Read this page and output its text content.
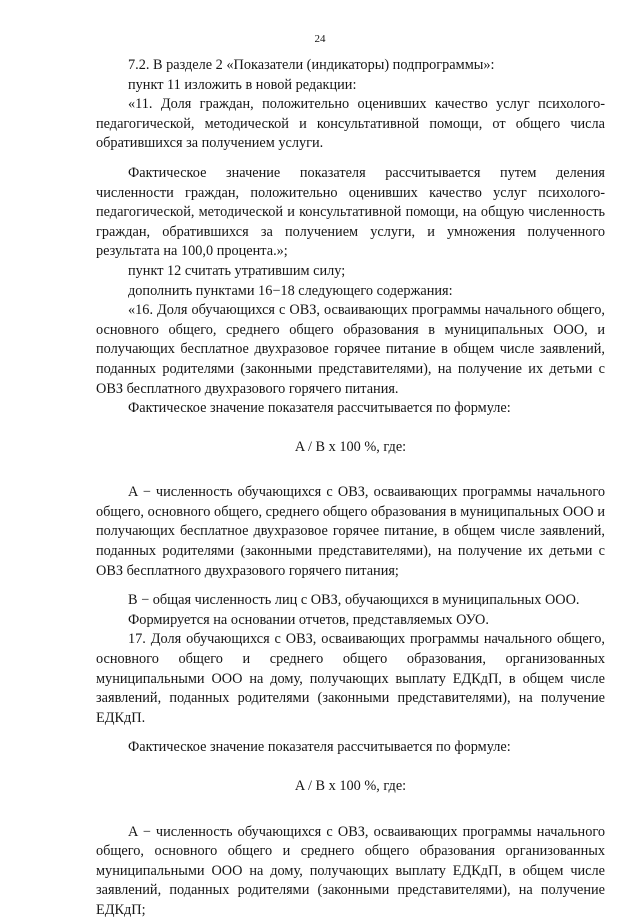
24

7.2. В разделе 2 «Показатели (индикаторы) подпрограммы»:

пункт 11 изложить в новой редакции:

«11. Доля граждан, положительно оценивших качество услуг психолого-педагогической, методической и консультативной помощи, от общего числа обратившихся за получением услуги.

Фактическое значение показателя рассчитывается путем деления численности граждан, положительно оценивших качество услуг психолого-педагогической, методической и консультативной помощи, на общую численность граждан, обратившихся за получением услуги, и умножения полученного результата на 100,0 процента.»;

пункт 12 считать утратившим силу;

дополнить пунктами 16−18 следующего содержания:

«16. Доля обучающихся с ОВЗ, осваивающих программы начального общего, основного общего, среднего общего образования в муниципальных ООО, и получающих бесплатное двухразовое горячее питание в общем числе заявлений, поданных родителями (законными представителями), на получение их детьми с ОВЗ бесплатного двухразового горячего питания.

Фактическое значение показателя рассчитывается по формуле:

A / B x 100 %, где:

A − численность обучающихся с ОВЗ, осваивающих программы начального общего, основного общего, среднего общего образования в муниципальных ООО и получающих бесплатное двухразовое горячее питание, в общем числе заявлений, поданных родителями (законными представителями), на получение их детьми с ОВЗ бесплатного двухразового горячего питания;

B − общая численность лиц с ОВЗ, обучающихся в муниципальных ООО.

Формируется на основании отчетов, представляемых ОУО.

17. Доля обучающихся с ОВЗ, осваивающих программы начального общего, основного общего и среднего общего образования, организованных муниципальными ООО на дому, получающих выплату ЕДКдП, в общем числе заявлений, поданных родителями (законными представителями), на получение ЕДКдП.

Фактическое значение показателя рассчитывается по формуле:

A / B x 100 %, где:

A − численность обучающихся с ОВЗ, осваивающих программы начального общего, основного общего и среднего общего образования организованных муниципальными ООО на дому, получающих выплату ЕДКдП, в общем числе заявлений, поданных родителями (законными представителями), на получение ЕДКдП;
